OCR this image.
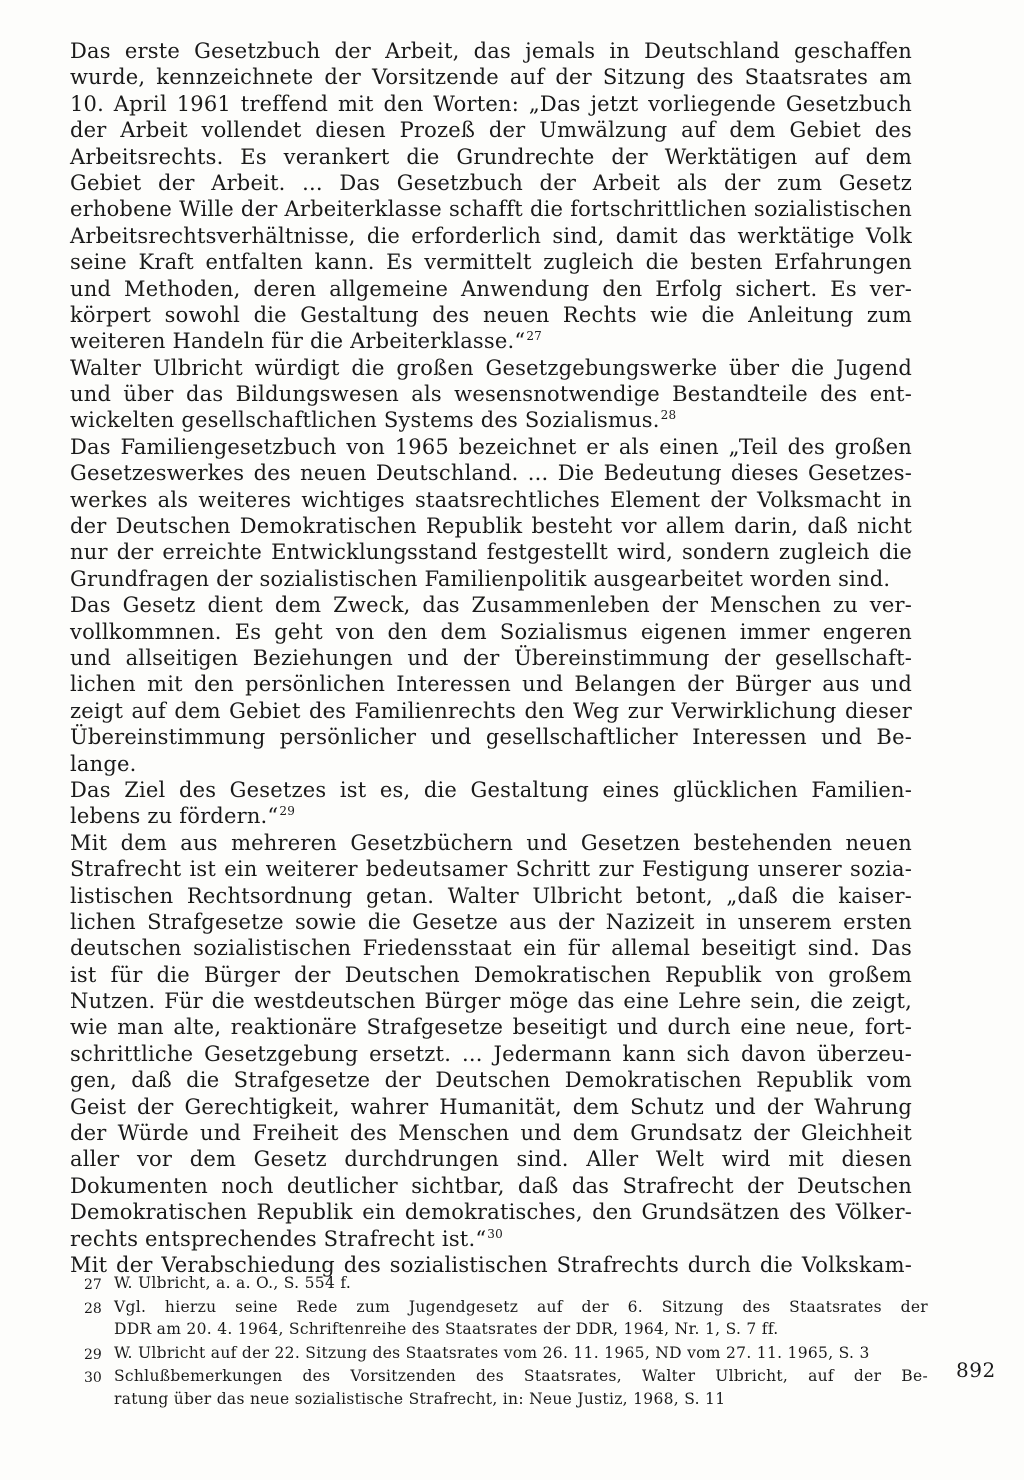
Das erste Gesetzbuch der Arbeit, das jemals in Deutschland geschaffen
wurde, kennzeichnete der Vorsitzende auf der Sitzung des Staatsrates am
10. April 1961 treffend mit den Worten: „Das jetzt vorliegende Gesetzbuch
der Arbeit vollendet diesen Prozeß der Umwälzung auf dem Gebiet des
Arbeitsrechts. Es verankert die Grundrechte der Werktätigen auf dem
Gebiet der Arbeit. ... Das Gesetzbuch der Arbeit als der zum Gesetz
erhobene Wille der Arbeiterklasse schafft die fortschrittlichen sozialistischen
Arbeitsrechtsverhältnisse, die erforderlich sind, damit das werktätige Volk
seine Kraft entfalten kann. Es vermittelt zugleich die besten Erfahrungen
und Methoden, deren allgemeine Anwendung den Erfolg sichert. Es ver-
körpert sowohl die Gestaltung des neuen Rechts wie die Anleitung zum
weiteren Handeln für die Arbeiterklasse.“$^{27}$
Walter Ulbricht würdigt die großen Gesetzgebungswerke über die Jugend
und über das Bildungswesen als wesensnotwendige Bestandteile des ent-
wickelten gesellschaftlichen Systems des Sozialismus.$^{28}$
Das Familiengesetzbuch von 1965 bezeichnet er als einen „Teil des großen
Gesetzeswerkes des neuen Deutschland. ... Die Bedeutung dieses Gesetzes-
werkes als weiteres wichtiges staatsrechtliches Element der Volksmacht in
der Deutschen Demokratischen Republik besteht vor allem darin, daß nicht
nur der erreichte Entwicklungsstand festgestellt wird, sondern zugleich die
Grundfragen der sozialistischen Familienpolitik ausgearbeitet worden sind.
Das Gesetz dient dem Zweck, das Zusammenleben der Menschen zu ver-
vollkommnen. Es geht von den dem Sozialismus eigenen immer engeren
und allseitigen Beziehungen und der Übereinstimmung der gesellschaft-
lichen mit den persönlichen Interessen und Belangen der Bürger aus und
zeigt auf dem Gebiet des Familienrechts den Weg zur Verwirklichung dieser
Übereinstimmung persönlicher und gesellschaftlicher Interessen und Be-
lange.
Das Ziel des Gesetzes ist es, die Gestaltung eines glücklichen Familien-
lebens zu fördern.“$^{29}$
Mit dem aus mehreren Gesetzbüchern und Gesetzen bestehenden neuen
Strafrecht ist ein weiterer bedeutsamer Schritt zur Festigung unserer sozia-
listischen Rechtsordnung getan. Walter Ulbricht betont, „daß die kaiser-
lichen Strafgesetze sowie die Gesetze aus der Nazizeit in unserem ersten
deutschen sozialistischen Friedensstaat ein für allemal beseitigt sind. Das
ist für die Bürger der Deutschen Demokratischen Republik von großem
Nutzen. Für die westdeutschen Bürger möge das eine Lehre sein, die zeigt,
wie man alte, reaktionäre Strafgesetze beseitigt und durch eine neue, fort-
schrittliche Gesetzgebung ersetzt. ... Jedermann kann sich davon überzeu-
gen, daß die Strafgesetze der Deutschen Demokratischen Republik vom
Geist der Gerechtigkeit, wahrer Humanität, dem Schutz und der Wahrung
der Würde und Freiheit des Menschen und dem Grundsatz der Gleichheit
aller vor dem Gesetz durchdrungen sind. Aller Welt wird mit diesen
Dokumenten noch deutlicher sichtbar, daß das Strafrecht der Deutschen
Demokratischen Republik ein demokratisches, den Grundsätzen des Völker-
rechts entsprechendes Strafrecht ist.“$^{30}$
Mit der Verabschiedung des sozialistischen Strafrechts durch die Volkskam-
27 W. Ulbricht, a. a. O., S. 554 f.
28 Vgl. hierzu seine Rede zum Jugendgesetz auf der 6. Sitzung des Staatsrates der
DDR am 20. 4. 1964, Schriftenreihe des Staatsrates der DDR, 1964, Nr. 1, S. 7 ff.
29 W. Ulbricht auf der 22. Sitzung des Staatsrates vom 26. 11. 1965, ND vom 27. 11. 1965, S. 3
30 Schlußbemerkungen des Vorsitzenden des Staatsrates, Walter Ulbricht, auf der Be-
ratung über das neue sozialistische Strafrecht, in: Neue Justiz, 1968, S. 11
892
